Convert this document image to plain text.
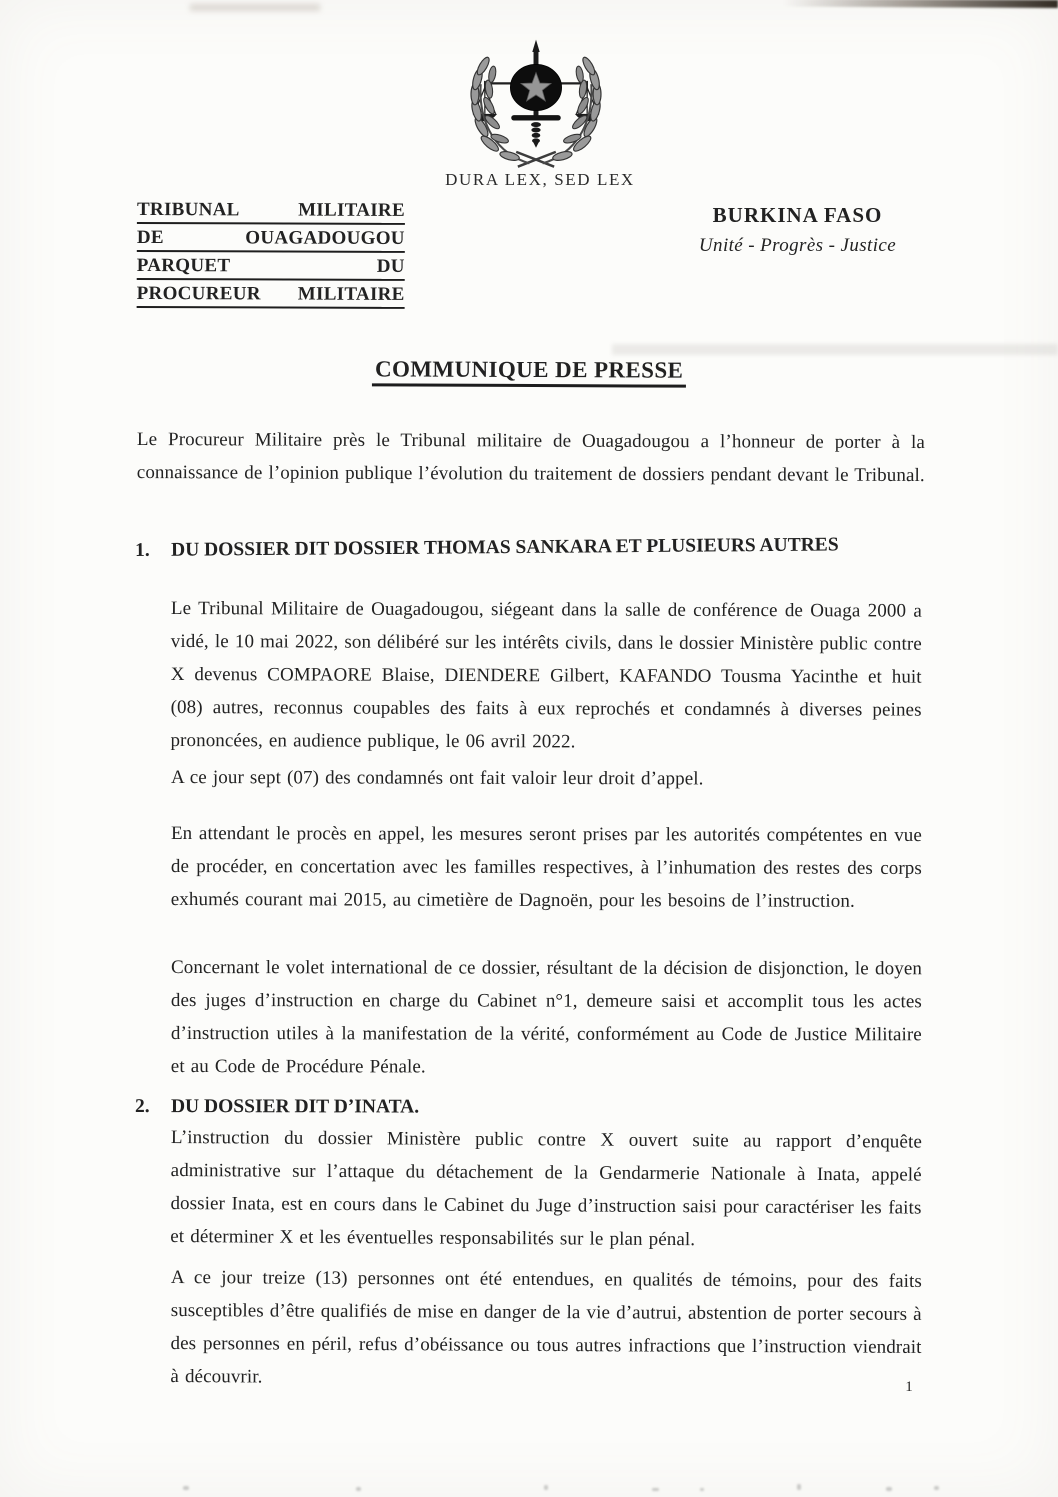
DURA LEX, SED LEX
TRIBUNAL MILITAIRE
DE OUAGADOUGOU
PARQUET DU
PROCUREUR MILITAIRE
BURKINA FASO
Unité - Progrès - Justice
COMMUNIQUE DE PRESSE
Le Procureur Militaire près le Tribunal militaire de Ouagadougou a l’honneur de porter à la connaissance de l’opinion publique l’évolution du traitement de dossiers pendant devant le Tribunal.
1.	DU DOSSIER DIT DOSSIER THOMAS SANKARA ET PLUSIEURS AUTRES
Le Tribunal Militaire de Ouagadougou, siégeant dans la salle de conférence de Ouaga 2000 a vidé, le 10 mai 2022, son délibéré sur les intérêts civils, dans le dossier Ministère public contre X devenus COMPAORE Blaise, DIENDERE Gilbert, KAFANDO Tousma Yacinthe et huit (08) autres, reconnus coupables des faits à eux reprochés et condamnés à diverses peines prononcées, en audience publique, le 06 avril 2022.
A ce jour sept (07) des condamnés ont fait valoir leur droit d’appel.
En attendant le procès en appel, les mesures seront prises par les autorités compétentes en vue de procéder, en concertation avec les familles respectives, à l’inhumation des restes des corps exhumés courant mai 2015, au cimetière de Dagnoën, pour les besoins de l’instruction.
Concernant le volet international de ce dossier, résultant de la décision de disjonction, le doyen des juges d’instruction en charge du Cabinet n°1, demeure saisi et accomplit tous les actes d’instruction utiles à la manifestation de la vérité, conformément au Code de Justice Militaire et au Code de Procédure Pénale.
2.	DU DOSSIER DIT D’INATA.
L’instruction du dossier Ministère public contre X ouvert suite au rapport d’enquête administrative sur l’attaque du détachement de la Gendarmerie Nationale à Inata, appelé dossier Inata, est en cours dans le Cabinet du Juge d’instruction saisi pour caractériser les faits et déterminer X et les éventuelles responsabilités sur le plan pénal.
A ce jour treize (13) personnes ont été entendues, en qualités de témoins, pour des faits susceptibles d’être qualifiés de mise en danger de la vie d’autrui, abstention de porter secours à des personnes en péril, refus d’obéissance ou tous autres infractions que l’instruction viendrait à découvrir.	1
